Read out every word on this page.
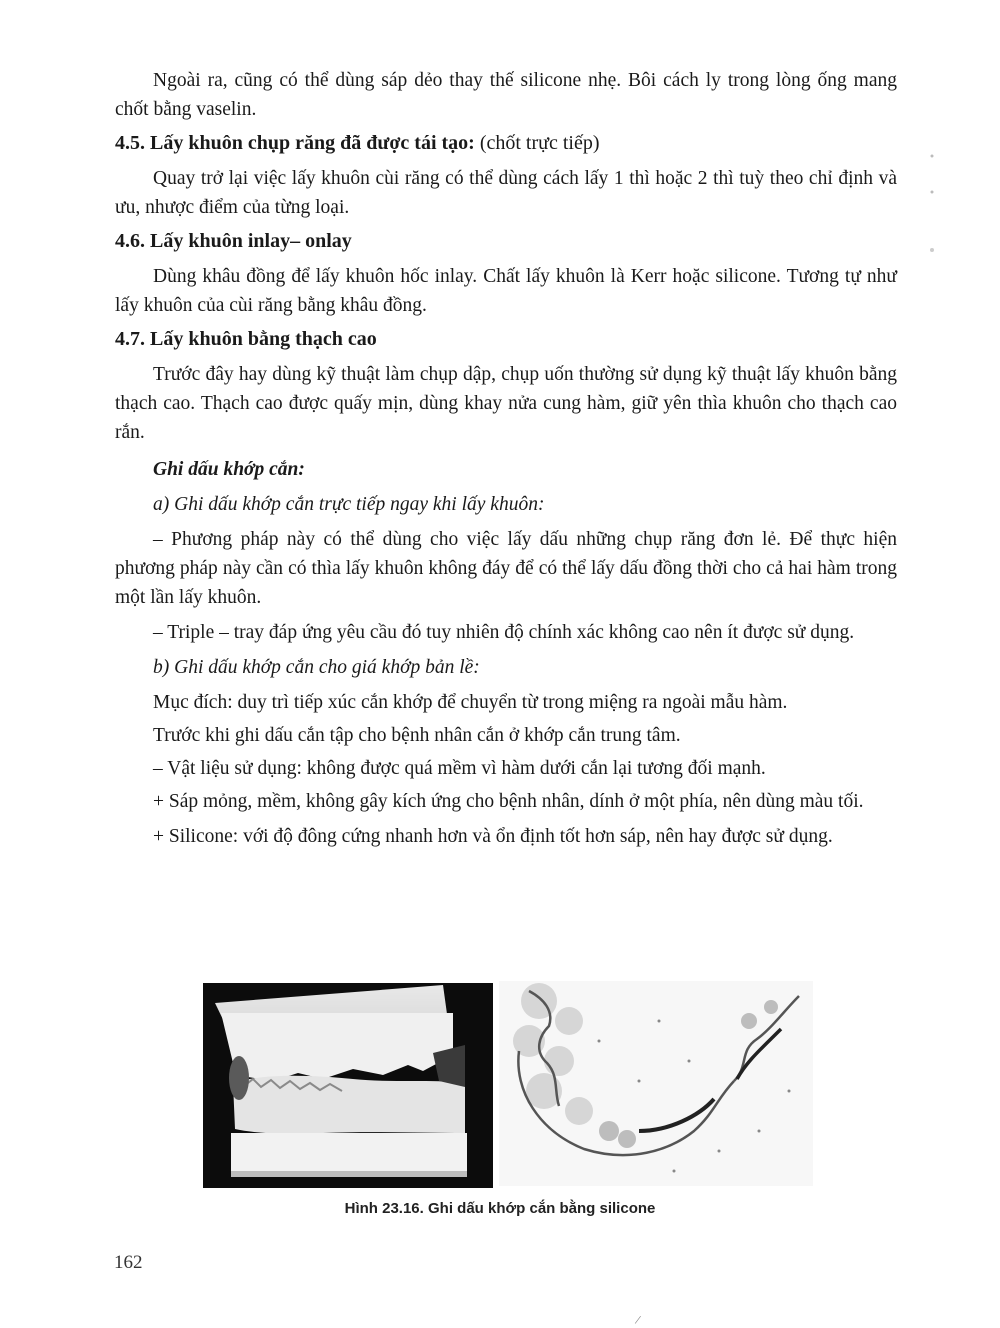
Ngoài ra, cũng có thể dùng sáp dẻo thay thế silicone nhẹ. Bôi cách ly trong lòng ống mang chốt bằng vaselin.

4.5. Lấy khuôn chụp răng đã được tái tạo: (chốt trực tiếp)

Quay trở lại việc lấy khuôn cùi răng có thể dùng cách lấy 1 thì hoặc 2 thì tuỳ theo chỉ định và ưu, nhược điểm của từng loại.

4.6. Lấy khuôn inlay– onlay

Dùng khâu đồng để lấy khuôn hốc inlay. Chất lấy khuôn là Kerr hoặc silicone. Tương tự như lấy khuôn của cùi răng bằng khâu đồng.

4.7. Lấy khuôn bằng thạch cao

Trước đây hay dùng kỹ thuật làm chụp dập, chụp uốn thường sử dụng kỹ thuật lấy khuôn bằng thạch cao. Thạch cao được quấy mịn, dùng khay nửa cung hàm, giữ yên thìa khuôn cho thạch cao rắn.

Ghi dấu khớp cắn:
a) Ghi dấu khớp cắn trực tiếp ngay khi lấy khuôn:

– Phương pháp này có thể dùng cho việc lấy dấu những chụp răng đơn lẻ. Để thực hiện phương pháp này cần có thìa lấy khuôn không đáy để có thể lấy dấu đồng thời cho cả hai hàm trong một lần lấy khuôn.

– Triple – tray đáp ứng yêu cầu đó tuy nhiên độ chính xác không cao nên ít được sử dụng.

b) Ghi dấu khớp cắn cho giá khớp bản lề:

Mục đích: duy trì tiếp xúc cắn khớp để chuyển từ trong miệng ra ngoài mẫu hàm.

Trước khi ghi dấu cắn tập cho bệnh nhân cắn ở khớp cắn trung tâm.

– Vật liệu sử dụng: không được quá mềm vì hàm dưới cắn lại tương đối mạnh.

+ Sáp mỏng, mềm, không gây kích ứng cho bệnh nhân, dính ở một phía, nên dùng màu tối.

+ Silicone: với độ đông cứng nhanh hơn và ổn định tốt hơn sáp, nên hay được sử dụng.

Hình 23.16. Ghi dấu khớp cắn bằng silicone
162
/
